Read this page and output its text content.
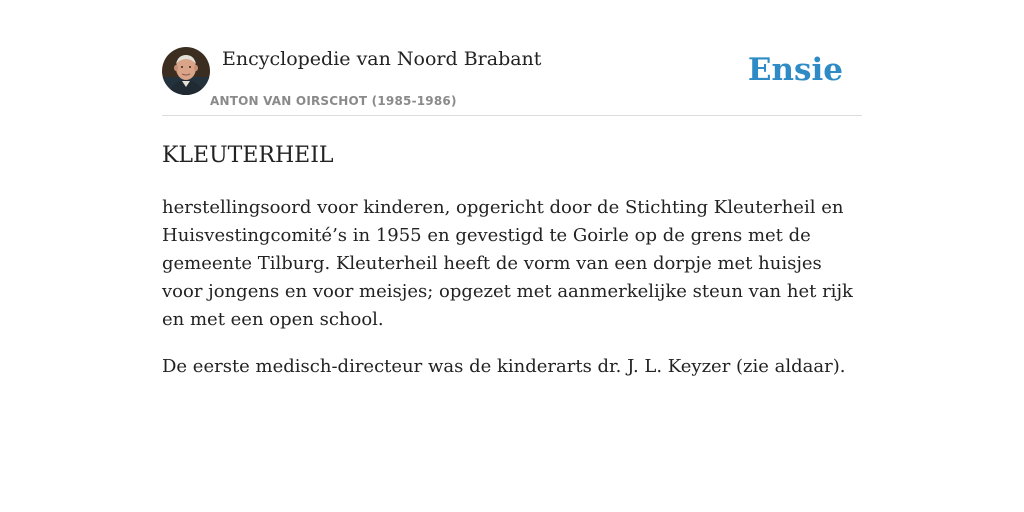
Encyclopedie van Noord Brabant
ANTON VAN OIRSCHOT (1985-1986)
Ensie
KLEUTERHEIL

herstellingsoord voor kinderen, opgericht door de Stichting Kleuterheil en Huisvestingcomité’s in 1955 en gevestigd te Goirle op de grens met de gemeente Tilburg. Kleuterheil heeft de vorm van een dorpje met huisjes voor jongens en voor meisjes; opgezet met aanmerkelijke steun van het rijk en met een open school.

De eerste medisch-directeur was de kinderarts dr. J. L. Keyzer (zie aldaar).
